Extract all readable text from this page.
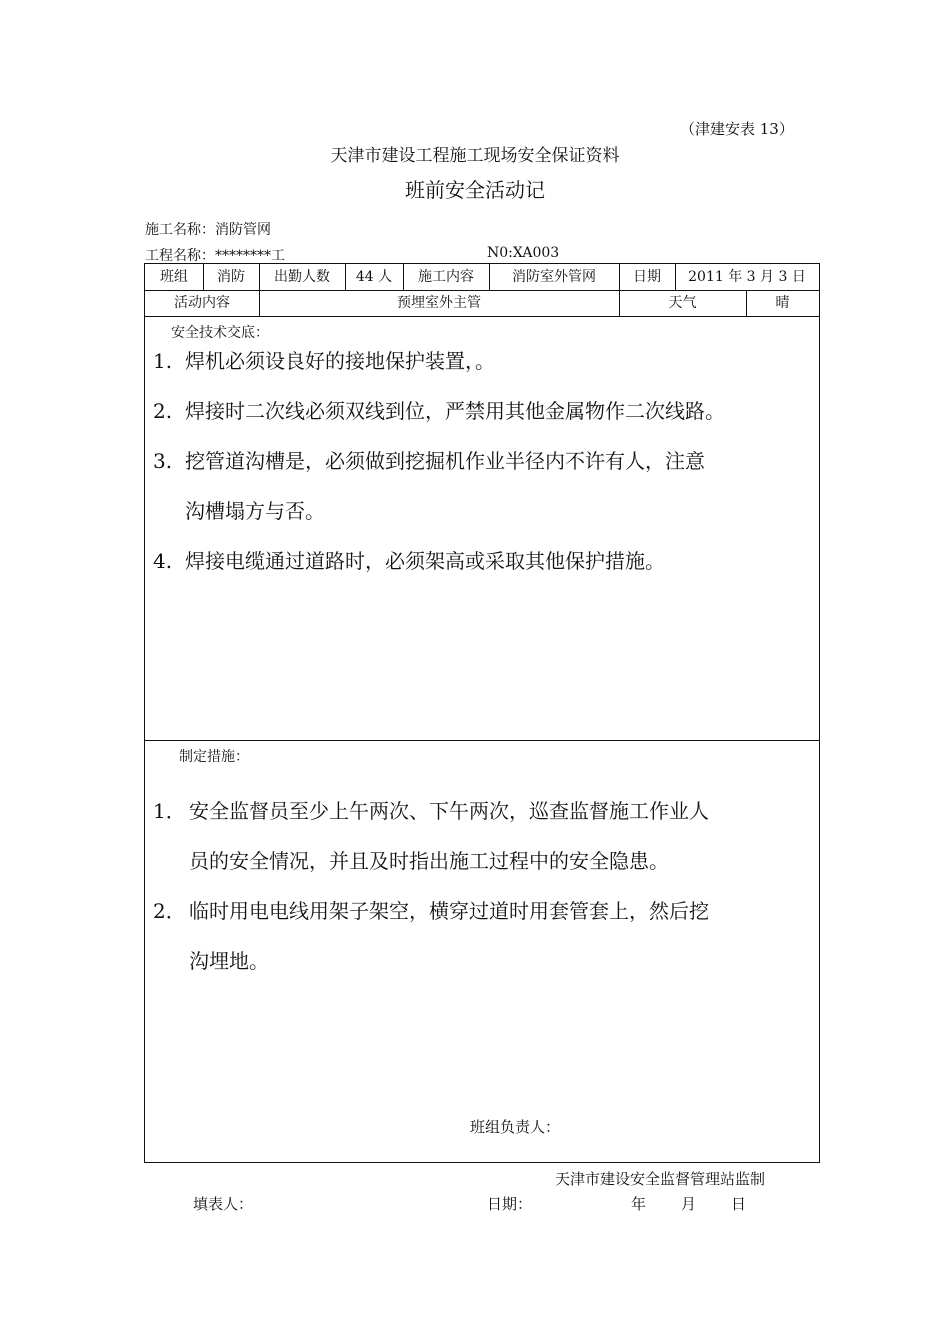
（津建安表 13）
天津市建设工程施工现场安全保证资料
班前安全活动记
施工名称：消防管网
工程名称：********工	N0:XA003
班组	消防	出勤人数	44 人	施工内容	消防室外管网	日期	2011 年 3 月 3 日
活动内容	预埋室外主管	天气	晴
安全技术交底：
1. 焊机必须设良好的接地保护装置，。
2. 焊接时二次线必须双线到位，严禁用其他金属物作二次线路。
3. 挖管道沟槽是，必须做到挖掘机作业半径内不许有人，注意
沟槽塌方与否。
4. 焊接电缆通过道路时，必须架高或采取其他保护措施。
制定措施：
1． 安全监督员至少上午两次、下午两次，巡查监督施工作业人
员的安全情况，并且及时指出施工过程中的安全隐患。
2． 临时用电电线用架子架空，横穿过道时用套管套上，然后挖
沟埋地。
班组负责人：
天津市建设安全监督管理站监制
填表人：	日期：	年 月 日
